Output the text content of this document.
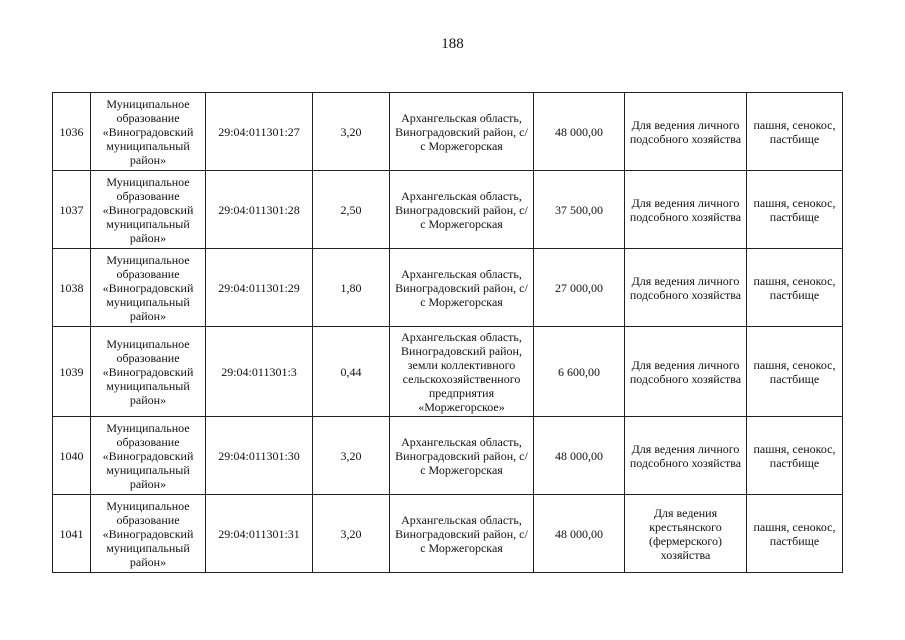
188
1036	Муниципальное образование «Виноградовский муниципальный район»	29:04:011301:27	3,20	Архангельская область, Виноградовский район, с/с Моржегорская	48 000,00	Для ведения личного подсобного хозяйства	пашня, сенокос, пастбище
1037	Муниципальное образование «Виноградовский муниципальный район»	29:04:011301:28	2,50	Архангельская область, Виноградовский район, с/с Моржегорская	37 500,00	Для ведения личного подсобного хозяйства	пашня, сенокос, пастбище
1038	Муниципальное образование «Виноградовский муниципальный район»	29:04:011301:29	1,80	Архангельская область, Виноградовский район, с/с Моржегорская	27 000,00	Для ведения личного подсобного хозяйства	пашня, сенокос, пастбище
1039	Муниципальное образование «Виноградовский муниципальный район»	29:04:011301:3	0,44	Архангельская область, Виноградовский район, земли коллективного сельскохозяйственного предприятия «Моржегорское»	6 600,00	Для ведения личного подсобного хозяйства	пашня, сенокос, пастбище
1040	Муниципальное образование «Виноградовский муниципальный район»	29:04:011301:30	3,20	Архангельская область, Виноградовский район, с/с Моржегорская	48 000,00	Для ведения личного подсобного хозяйства	пашня, сенокос, пастбище
1041	Муниципальное образование «Виноградовский муниципальный район»	29:04:011301:31	3,20	Архангельская область, Виноградовский район, с/с Моржегорская	48 000,00	Для ведения крестьянского (фермерского) хозяйства	пашня, сенокос, пастбище
